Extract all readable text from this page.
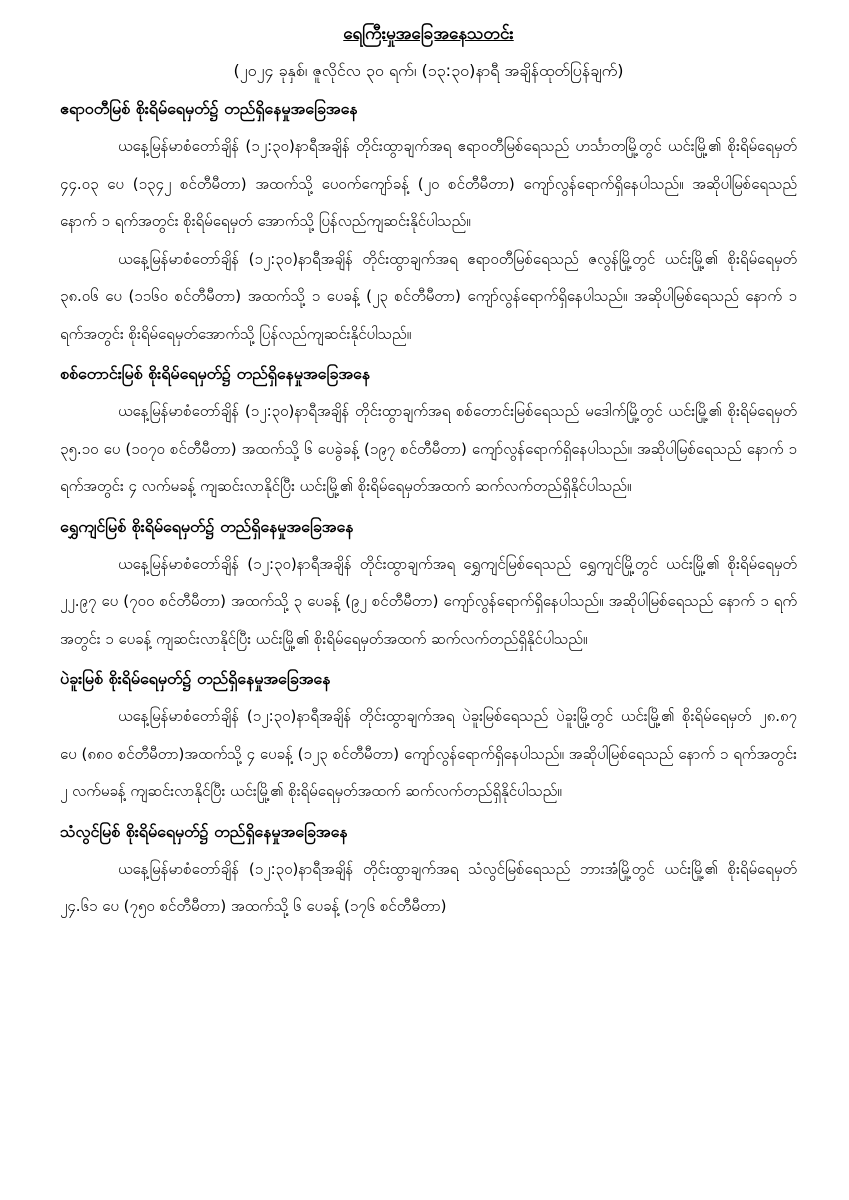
ရေကြီးမှုအခြေအနေသတင်း

(၂၀၂၄ ခုနှစ်၊ ဇူလိုင်လ ၃၀ ရက်၊ (၁၃:၃၀)နာရီ အချိန်ထုတ်ပြန်ချက်)

ဧရာဝတီမြစ် စိုးရိမ်ရေမှတ်၌ တည်ရှိနေမှုအခြေအနေ

ယနေ့မြန်မာစံတော်ချိန် (၁၂:၃၀)နာရီအချိန် တိုင်းထွာချက်အရ ဧရာဝတီမြစ်ရေသည် ဟင်္သာတမြို့တွင် ယင်းမြို့၏ စိုးရိမ်ရေမှတ် ၄၄.၀၃ ပေ (၁၃၄၂ စင်တီမီတာ) အထက်သို့ ပေ၀က်ကျော်ခန့် (၂၀ စင်တီမီတာ) ကျော်လွန်ရောက်ရှိနေပါသည်။ အဆိုပါမြစ်ရေသည် နောက် ၁ ရက်အတွင်း စိုးရိမ်ရေမှတ် အောက်သို့ ပြန်လည်ကျဆင်းနိုင်ပါသည်။

ယနေ့မြန်မာစံတော်ချိန် (၁၂:၃၀)နာရီအချိန် တိုင်းထွာချက်အရ ဧရာဝတီမြစ်ရေသည် ဇလွန်မြို့တွင် ယင်းမြို့၏ စိုးရိမ်ရေမှတ် ၃၈.၀၆ ပေ (၁၁၆၀ စင်တီမီတာ) အထက်သို့ ၁ ပေခန့် (၂၃ စင်တီမီတာ) ကျော်လွန်ရောက်ရှိနေပါသည်။ အဆိုပါမြစ်ရေသည် နောက် ၁ ရက်အတွင်း စိုးရိမ်ရေမှတ်အောက်သို့ ပြန်လည်ကျဆင်းနိုင်ပါသည်။

စစ်တောင်းမြစ် စိုးရိမ်ရေမှတ်၌ တည်ရှိနေမှုအခြေအနေ

ယနေ့မြန်မာစံတော်ချိန် (၁၂:၃၀)နာရီအချိန် တိုင်းထွာချက်အရ စစ်တောင်းမြစ်ရေသည် မဒေါက်မြို့တွင် ယင်းမြို့၏ စိုးရိမ်ရေမှတ် ၃၅.၁၀ ပေ (၁၀၇၀ စင်တီမီတာ) အထက်သို့ ၆ ပေခွဲခန့် (၁၉၇ စင်တီမီတာ) ကျော်လွန်ရောက်ရှိနေပါသည်။ အဆိုပါမြစ်ရေသည် နောက် ၁ ရက်အတွင်း ၄ လက်မခန့် ကျဆင်းလာနိုင်ပြီး ယင်းမြို့၏ စိုးရိမ်ရေမှတ်အထက် ဆက်လက်တည်ရှိနိုင်ပါသည်။

ရွှေကျင်မြစ် စိုးရိမ်ရေမှတ်၌ တည်ရှိနေမှုအခြေအနေ

ယနေ့မြန်မာစံတော်ချိန် (၁၂:၃၀)နာရီအချိန် တိုင်းထွာချက်အရ ရွှေကျင်မြစ်ရေသည် ရွှေကျင်မြို့တွင် ယင်းမြို့၏ စိုးရိမ်ရေမှတ် ၂၂.၉၇ ပေ (၇၀၀ စင်တီမီတာ) အထက်သို့ ၃ ပေခန့် (၉၂ စင်တီမီတာ) ကျော်လွန်ရောက်ရှိနေပါသည်။ အဆိုပါမြစ်ရေသည် နောက် ၁ ရက်အတွင်း ၁ ပေခန့် ကျဆင်းလာနိုင်ပြီး ယင်းမြို့၏ စိုးရိမ်ရေမှတ်အထက် ဆက်လက်တည်ရှိနိုင်ပါသည်။

ပဲခူးမြစ် စိုးရိမ်ရေမှတ်၌ တည်ရှိနေမှုအခြေအနေ

ယနေ့မြန်မာစံတော်ချိန် (၁၂:၃၀)နာရီအချိန် တိုင်းထွာချက်အရ ပဲခူးမြစ်ရေသည် ပဲခူးမြို့တွင် ယင်းမြို့၏ စိုးရိမ်ရေမှတ် ၂၈.၈၇ ပေ (၈၈၀ စင်တီမီတာ)အထက်သို့ ၄ ပေခန့် (၁၂၃ စင်တီမီတာ) ကျော်လွန်ရောက်ရှိနေပါသည်။ အဆိုပါမြစ်ရေသည် နောက် ၁ ရက်အတွင်း ၂ လက်မခန့် ကျဆင်းလာနိုင်ပြီး ယင်းမြို့၏ စိုးရိမ်ရေမှတ်အထက် ဆက်လက်တည်ရှိနိုင်ပါသည်။

သံလွင်မြစ် စိုးရိမ်ရေမှတ်၌ တည်ရှိနေမှုအခြေအနေ

ယနေ့မြန်မာစံတော်ချိန် (၁၂:၃၀)နာရီအချိန် တိုင်းထွာချက်အရ သံလွင်မြစ်ရေသည် ဘားအံမြို့တွင် ယင်းမြို့၏ စိုးရိမ်ရေမှတ် ၂၄.၆၁ ပေ (၇၅၀ စင်တီမီတာ) အထက်သို့ ၆ ပေခန့် (၁၇၆ စင်တီမီတာ)
